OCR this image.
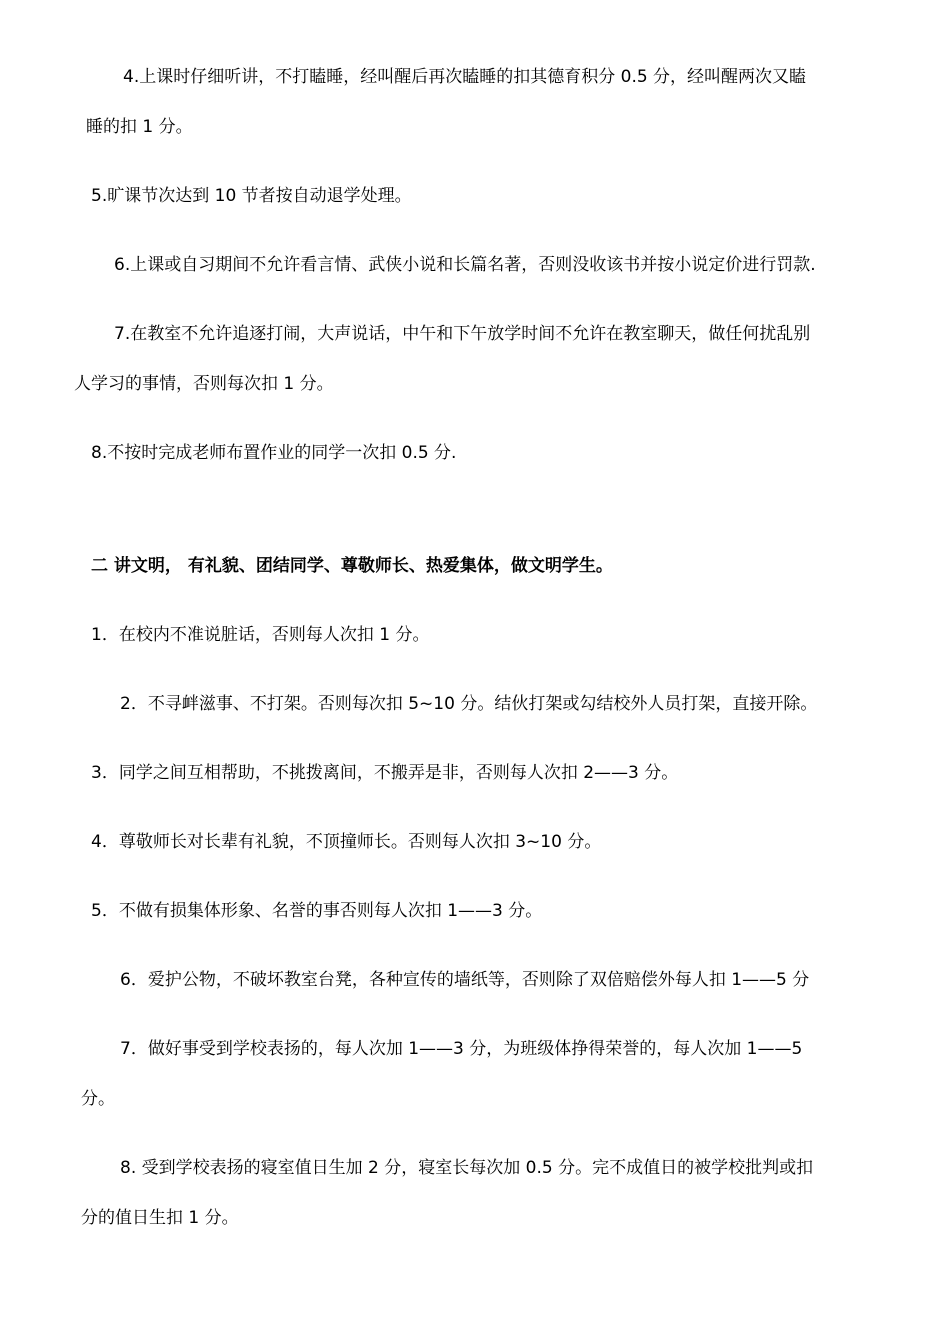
4.上课时仔细听讲，不打瞌睡，经叫醒后再次瞌睡的扣其德育积分 0.5 分，经叫醒两次又瞌
睡的扣 1 分。
5.旷课节次达到 10 节者按自动退学处理。
6.上课或自习期间不允许看言情、武侠小说和长篇名著，否则没收该书并按小说定价进行罚款.
7.在教室不允许追逐打闹，大声说话，中午和下午放学时间不允许在教室聊天，做任何扰乱别
人学习的事情，否则每次扣 1 分。
8.不按时完成老师布置作业的同学一次扣 0.5 分.
二 讲文明， 有礼貌、团结同学、尊敬师长、热爱集体，做文明学生。
1．在校内不准说脏话，否则每人次扣 1 分。
2．不寻衅滋事、不打架。否则每次扣 5~10 分。结伙打架或勾结校外人员打架，直接开除。
3．同学之间互相帮助，不挑拨离间，不搬弄是非，否则每人次扣 2——3 分。
4．尊敬师长对长辈有礼貌，不顶撞师长。否则每人次扣 3~10 分。
5．不做有损集体形象、名誉的事否则每人次扣 1——3 分。
6．爱护公物，不破坏教室台凳，各种宣传的墙纸等，否则除了双倍赔偿外每人扣 1——5 分
7．做好事受到学校表扬的，每人次加 1——3 分，为班级体挣得荣誉的，每人次加 1——5
分。
8. 受到学校表扬的寝室值日生加 2 分，寝室长每次加 0.5 分。完不成值日的被学校批判或扣
分的值日生扣 1 分。
